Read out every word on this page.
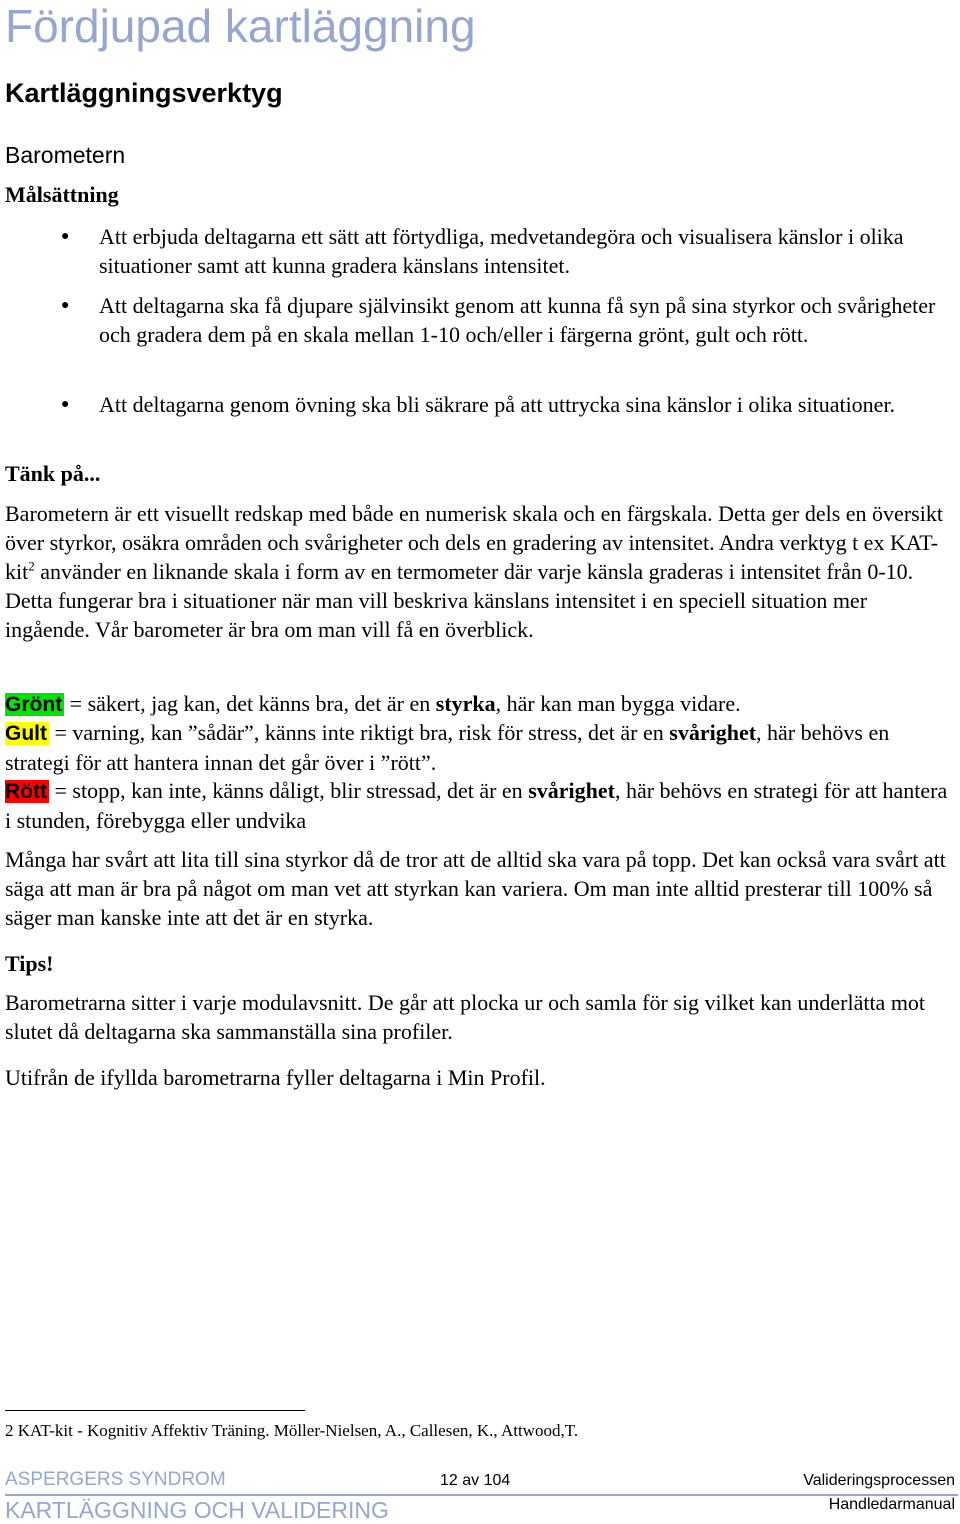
Fördjupad kartläggning
Kartläggningsverktyg
Barometern
Målsättning
● Att erbjuda deltagarna ett sätt att förtydliga, medvetandegöra och visualisera känslor i olika situationer samt att kunna gradera känslans intensitet.
● Att deltagarna ska få djupare självinsikt genom att kunna få syn på sina styrkor och svårigheter och gradera dem på en skala mellan 1-10 och/eller i färgerna grönt, gult och rött.
● Att deltagarna genom övning ska bli säkrare på att uttrycka sina känslor i olika situationer.
Tänk på...
Barometern är ett visuellt redskap med både en numerisk skala och en färgskala. Detta ger dels en översikt över styrkor, osäkra områden och svårigheter och dels en gradering av intensitet. Andra verktyg t ex KAT-kit$^2$ använder en liknande skala i form av en termometer där varje känsla graderas i intensitet från 0-10. Detta fungerar bra i situationer när man vill beskriva känslans intensitet i en speciell situation mer ingående. Vår barometer är bra om man vill få en överblick.
Grönt = säkert, jag kan, det känns bra, det är en styrka, här kan man bygga vidare.
Gult = varning, kan ”sådär”, känns inte riktigt bra, risk för stress, det är en svårighet, här behövs en strategi för att hantera innan det går över i ”rött”.
Rött = stopp, kan inte, känns dåligt, blir stressad, det är en svårighet, här behövs en strategi för att hantera i stunden, förebygga eller undvika
Många har svårt att lita till sina styrkor då de tror att de alltid ska vara på topp. Det kan också vara svårt att säga att man är bra på något om man vet att styrkan kan variera. Om man inte alltid presterar till 100% så säger man kanske inte att det är en styrka.
Tips!
Barometrarna sitter i varje modulavsnitt. De går att plocka ur och samla för sig vilket kan underlätta mot slutet då deltagarna ska sammanställa sina profiler.
Utifrån de ifyllda barometrarna fyller deltagarna i Min Profil.
2 KAT-kit - Kognitiv Affektiv Träning. Möller-Nielsen, A., Callesen, K., Attwood,T.
ASPERGERS SYNDROM
KARTLÄGGNING OCH VALIDERING
12 av 104	Valideringsprocessen
Handledarmanual
